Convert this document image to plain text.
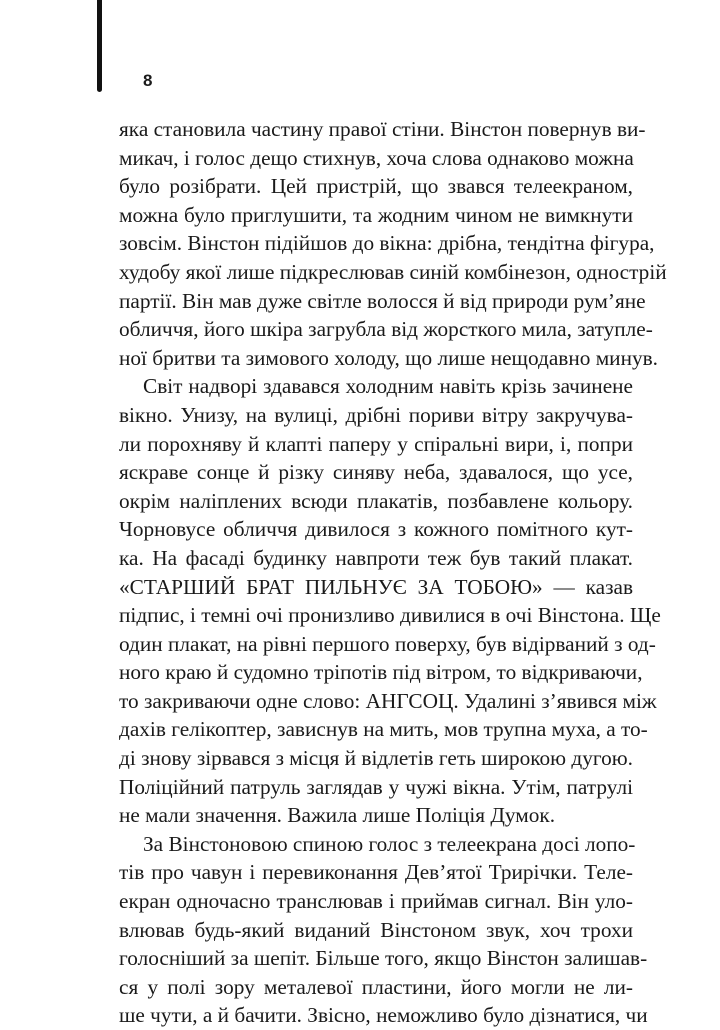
8
яка становила частину правої стіни. Вінстон повернув ви-
микач, і голос дещо стихнув, хоча слова однаково можна
було розібрати. Цей пристрій, що звався телеекраном,
можна було приглушити, та жодним чином не вимкнути
зовсім. Вінстон підійшов до вікна: дрібна, тендітна фігура,
худобу якої лише підкреслював синій комбінезон, однострій
партії. Він мав дуже світле волосся й від природи рум’яне
обличчя, його шкіра загрубла від жорсткого мила, затупле-
ної бритви та зимового холоду, що лише нещодавно минув.
Світ надворі здавався холодним навіть крізь зачинене
вікно. Унизу, на вулиці, дрібні пориви вітру закручува-
ли порохняву й клапті паперу у спіральні вири, і, попри
яскраве сонце й різку синяву неба, здавалося, що усе,
окрім наліплених всюди плакатів, позбавлене кольору.
Чорновусе обличчя дивилося з кожного помітного кут-
ка. На фасаді будинку навпроти теж був такий плакат.
«СТАРШИЙ БРАТ ПИЛЬНУЄ ЗА ТОБОЮ» — казав
підпис, і темні очі пронизливо дивилися в очі Вінстона. Ще
один плакат, на рівні першого поверху, був відірваний з од-
ного краю й судомно тріпотів під вітром, то відкриваючи,
то закриваючи одне слово: АНГСОЦ. Удалині з’явився між
дахів гелікоптер, зависнув на мить, мов трупна муха, а то-
ді знову зірвався з місця й відлетів геть широкою дугою.
Поліційний патруль заглядав у чужі вікна. Утім, патрулі
не мали значення. Важила лише Поліція Думок.
За Вінстоновою спиною голос з телеекрана досі лопо-
тів про чавун і перевиконання Дев’ятої Трирічки. Теле-
екран одночасно транслював і приймав сигнал. Він уло-
влював будь-який виданий Вінстоном звук, хоч трохи
голосніший за шепіт. Більше того, якщо Вінстон залишав-
ся у полі зору металевої пластини, його могли не ли-
ше чути, а й бачити. Звісно, неможливо було дізнатися, чи
